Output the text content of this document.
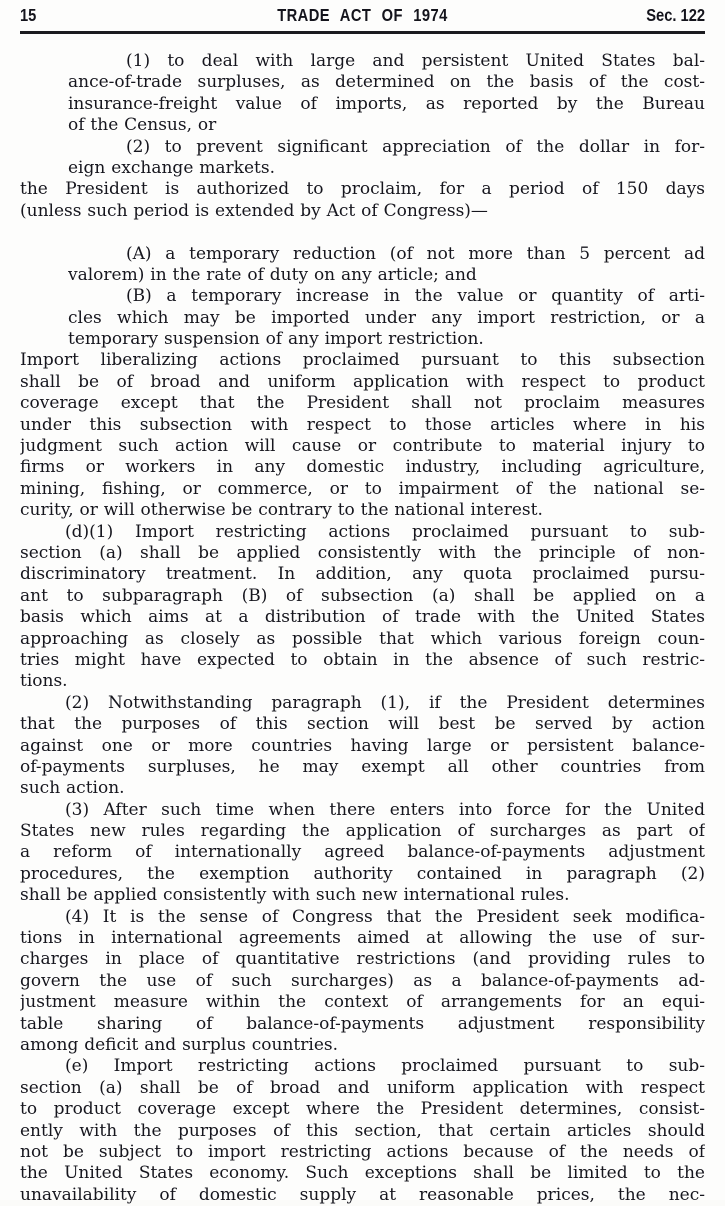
15	TRADE ACT OF 1974	Sec. 122
(1) to deal with large and persistent United States bal-
ance-of-trade surpluses, as determined on the basis of the cost-
insurance-freight value of imports, as reported by the Bureau
of the Census, or
(2) to prevent significant appreciation of the dollar in for-
eign exchange markets.
the President is authorized to proclaim, for a period of 150 days
(unless such period is extended by Act of Congress)—
(A) a temporary reduction (of not more than 5 percent ad
valorem) in the rate of duty on any article; and
(B) a temporary increase in the value or quantity of arti-
cles which may be imported under any import restriction, or a
temporary suspension of any import restriction.
Import liberalizing actions proclaimed pursuant to this subsection
shall be of broad and uniform application with respect to product
coverage except that the President shall not proclaim measures
under this subsection with respect to those articles where in his
judgment such action will cause or contribute to material injury to
firms or workers in any domestic industry, including agriculture,
mining, fishing, or commerce, or to impairment of the national se-
curity, or will otherwise be contrary to the national interest.
(d)(1) Import restricting actions proclaimed pursuant to sub-
section (a) shall be applied consistently with the principle of non-
discriminatory treatment. In addition, any quota proclaimed pursu-
ant to subparagraph (B) of subsection (a) shall be applied on a
basis which aims at a distribution of trade with the United States
approaching as closely as possible that which various foreign coun-
tries might have expected to obtain in the absence of such restric-
tions.
(2) Notwithstanding paragraph (1), if the President determines
that the purposes of this section will best be served by action
against one or more countries having large or persistent balance-
of-payments surpluses, he may exempt all other countries from
such action.
(3) After such time when there enters into force for the United
States new rules regarding the application of surcharges as part of
a reform of internationally agreed balance-of-payments adjustment
procedures, the exemption authority contained in paragraph (2)
shall be applied consistently with such new international rules.
(4) It is the sense of Congress that the President seek modifica-
tions in international agreements aimed at allowing the use of sur-
charges in place of quantitative restrictions (and providing rules to
govern the use of such surcharges) as a balance-of-payments ad-
justment measure within the context of arrangements for an equi-
table sharing of balance-of-payments adjustment responsibility
among deficit and surplus countries.
(e) Import restricting actions proclaimed pursuant to sub-
section (a) shall be of broad and uniform application with respect
to product coverage except where the President determines, consist-
ently with the purposes of this section, that certain articles should
not be subject to import restricting actions because of the needs of
the United States economy. Such exceptions shall be limited to the
unavailability of domestic supply at reasonable prices, the nec-
